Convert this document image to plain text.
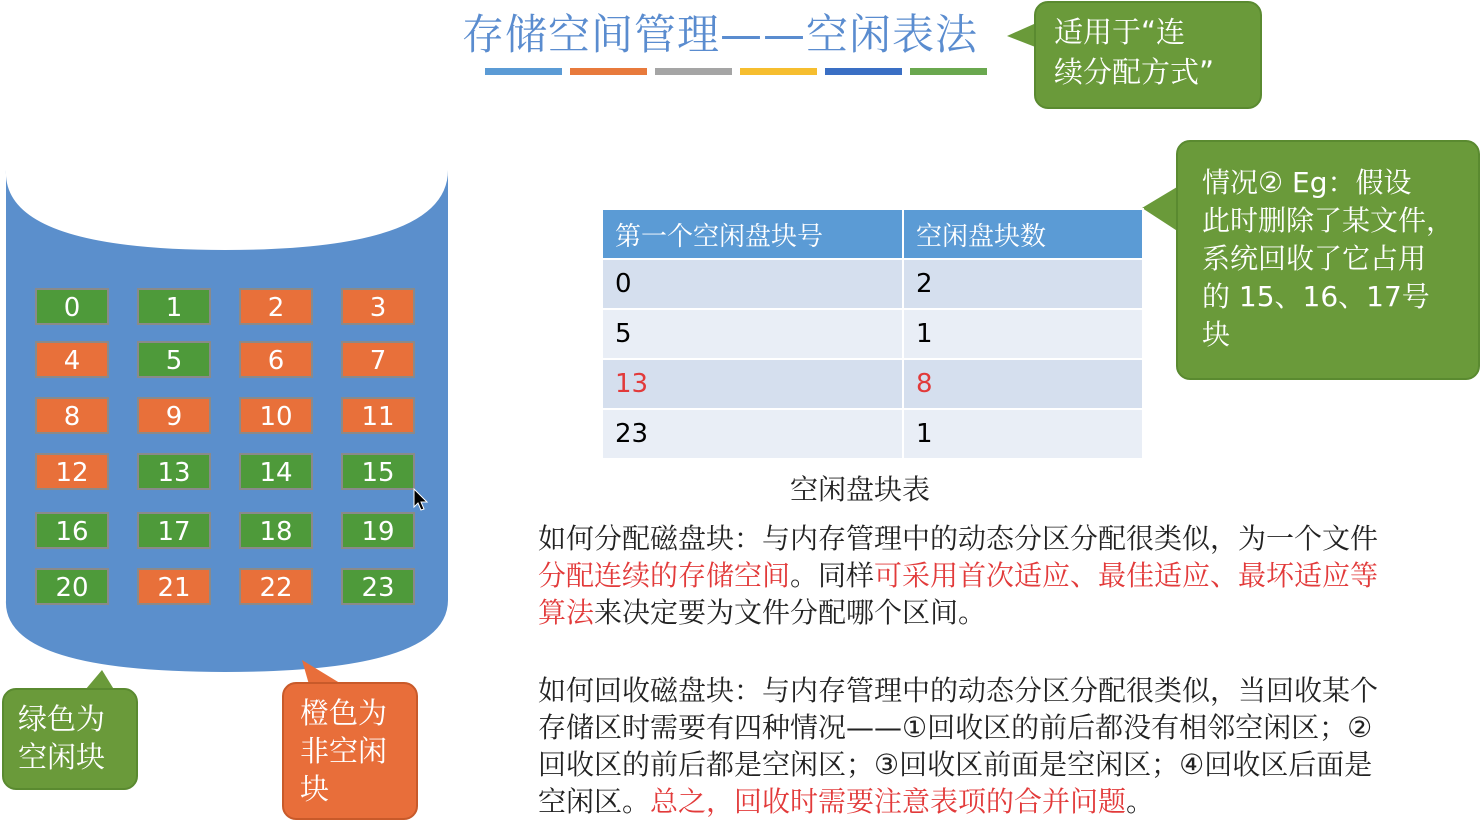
存储空间管理——空闲表法	适用于“连
续分配方式”
情况② Eg：假设
此时删除了某文件，
系统回收了它占用
的 15、16、17号
块
0	1	2	3
4	5	6	7
8	9	10	11
12	13	14	15
16	17	18	19
20	21	22	23
绿色为
空闲块
橙色为
非空闲
块
第一个空闲盘块号	空闲盘块数
0	2
5	1
13	8
23	1
空闲盘块表
如何分配磁盘块：与内存管理中的动态分区分配很类似，为一个文件
分配连续的存储空间。同样可采用首次适应、最佳适应、最坏适应等
算法来决定要为文件分配哪个区间。
如何回收磁盘块：与内存管理中的动态分区分配很类似，当回收某个
存储区时需要有四种情况——①回收区的前后都没有相邻空闲区；②
回收区的前后都是空闲区；③回收区前面是空闲区；④回收区后面是
空闲区。总之，回收时需要注意表项的合并问题。
